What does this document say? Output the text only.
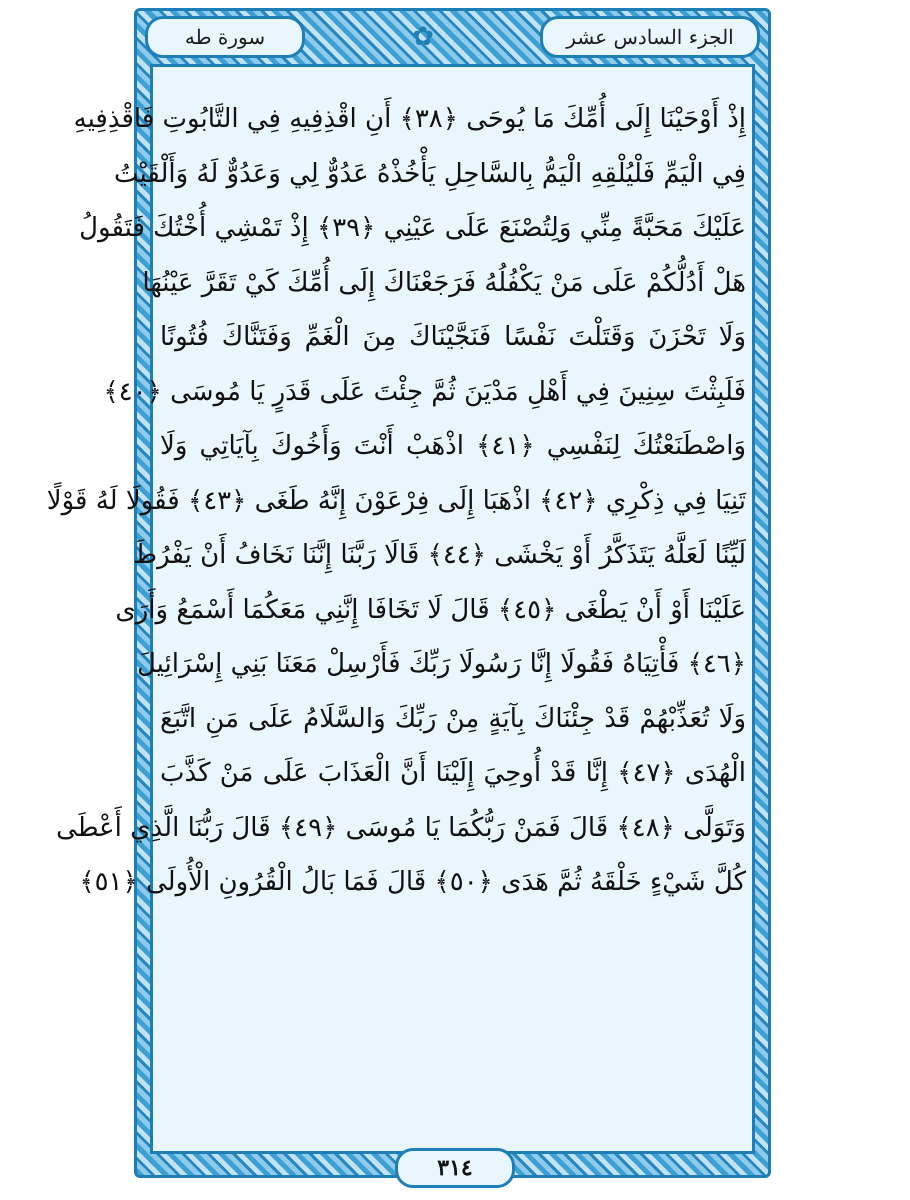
الجزء السادس عشر
✿
سورة طه
إِذْ أَوْحَيْنَا إِلَى أُمِّكَ مَا يُوحَى ﴿٣٨﴾ أَنِ اقْذِفِيهِ فِي التَّابُوتِ فَاقْذِفِيهِ
فِي الْيَمِّ فَلْيُلْقِهِ الْيَمُّ بِالسَّاحِلِ يَأْخُذْهُ عَدُوٌّ لِي وَعَدُوٌّ لَهُ وَأَلْقَيْتُ
عَلَيْكَ مَحَبَّةً مِنِّي وَلِتُصْنَعَ عَلَى عَيْنِي ﴿٣٩﴾ إِذْ تَمْشِي أُخْتُكَ فَتَقُولُ
هَلْ أَدُلُّكُمْ عَلَى مَنْ يَكْفُلُهُ فَرَجَعْنَاكَ إِلَى أُمِّكَ كَيْ تَقَرَّ عَيْنُهَا
وَلَا تَحْزَنَ وَقَتَلْتَ نَفْسًا فَنَجَّيْنَاكَ مِنَ الْغَمِّ وَفَتَنَّاكَ فُتُونًا
فَلَبِثْتَ سِنِينَ فِي أَهْلِ مَدْيَنَ ثُمَّ جِئْتَ عَلَى قَدَرٍ يَا مُوسَى ﴿٤٠﴾
وَاصْطَنَعْتُكَ لِنَفْسِي ﴿٤١﴾ اذْهَبْ أَنْتَ وَأَخُوكَ بِآيَاتِي وَلَا
تَنِيَا فِي ذِكْرِي ﴿٤٢﴾ اذْهَبَا إِلَى فِرْعَوْنَ إِنَّهُ طَغَى ﴿٤٣﴾ فَقُولَا لَهُ قَوْلًا
لَيِّنًا لَعَلَّهُ يَتَذَكَّرُ أَوْ يَخْشَى ﴿٤٤﴾ قَالَا رَبَّنَا إِنَّنَا نَخَافُ أَنْ يَفْرُطَ
عَلَيْنَا أَوْ أَنْ يَطْغَى ﴿٤٥﴾ قَالَ لَا تَخَافَا إِنَّنِي مَعَكُمَا أَسْمَعُ وَأَرَى
﴿٤٦﴾ فَأْتِيَاهُ فَقُولَا إِنَّا رَسُولَا رَبِّكَ فَأَرْسِلْ مَعَنَا بَنِي إِسْرَائِيلَ
وَلَا تُعَذِّبْهُمْ قَدْ جِئْنَاكَ بِآيَةٍ مِنْ رَبِّكَ وَالسَّلَامُ عَلَى مَنِ اتَّبَعَ
الْهُدَى ﴿٤٧﴾ إِنَّا قَدْ أُوحِيَ إِلَيْنَا أَنَّ الْعَذَابَ عَلَى مَنْ كَذَّبَ
وَتَوَلَّى ﴿٤٨﴾ قَالَ فَمَنْ رَبُّكُمَا يَا مُوسَى ﴿٤٩﴾ قَالَ رَبُّنَا الَّذِي أَعْطَى
كُلَّ شَيْءٍ خَلْقَهُ ثُمَّ هَدَى ﴿٥٠﴾ قَالَ فَمَا بَالُ الْقُرُونِ الْأُولَى ﴿٥١﴾
٣١٤
